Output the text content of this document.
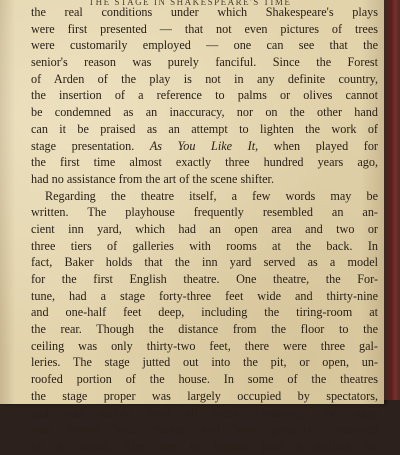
THE STAGE IN SHAKESPEARE'S TIME
the real conditions under which Shakespeare's plays
were first presented — that not even pictures of trees
were customarily employed — one can see that the
senior's reason was purely fanciful. Since the Forest
of Arden of the play is not in any definite country,
the insertion of a reference to palms or olives cannot
be condemned as an inaccuracy, nor on the other hand
can it be praised as an attempt to lighten the work of
stage presentation. As You Like It, when played for
the first time almost exactly three hundred years ago,
had no assistance from the art of the scene shifter.
Regarding the theatre itself, a few words may be
written. The playhouse frequently resembled an an-
cient inn yard, which had an open area and two or
three tiers of galleries with rooms at the back. In
fact, Baker holds that the inn yard served as a model
for the first English theatre. One theatre, the For-
tune, had a stage forty-three feet wide and thirty-nine
and one-half feet deep, including the tiring-room at
the rear. Though the distance from the floor to the
ceiling was only thirty-two feet, there were three gal-
leries. The stage jutted out into the pit, or open, un-
roofed portion of the house. In some of the theatres
the stage proper was largely occupied by spectators,
and was visible from all sides. Ordinarily the stage
was strewn with rushes and was partially concealed
by a curtain. The men of fashion paid a shilling for
